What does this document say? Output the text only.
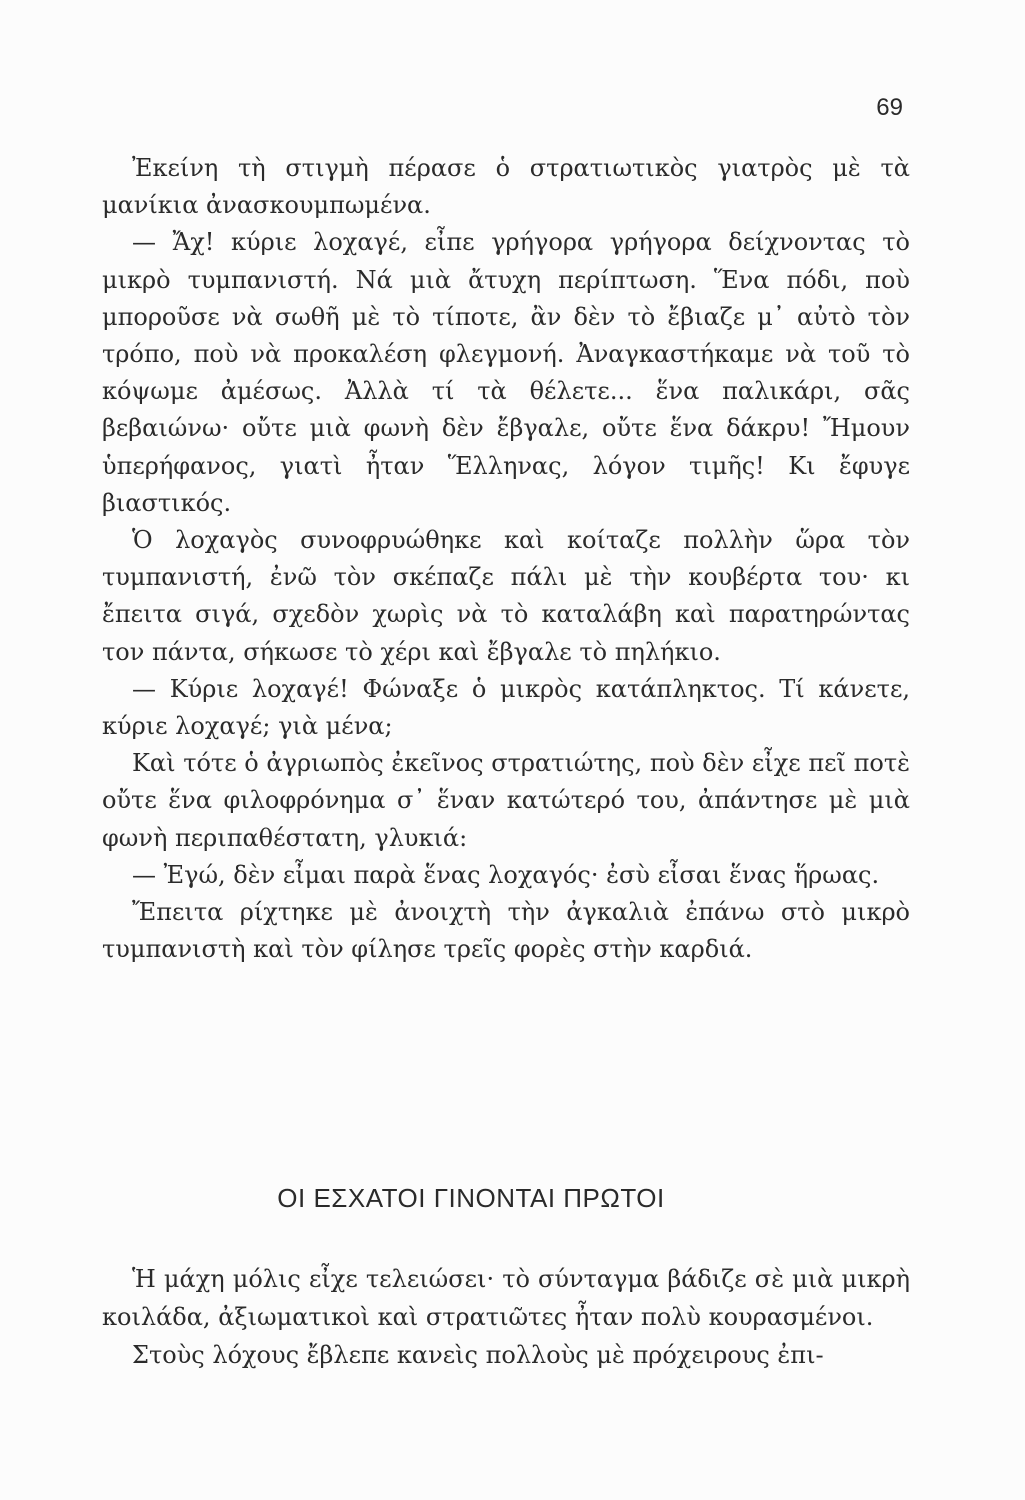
69

Ἐκείνη τὴ στιγμὴ πέρασε ὁ στρατιωτικὸς γιατρὸς μὲ τὰ μανίκια ἀνασκουμπωμένα.

— Ἄχ! κύριε λοχαγέ, εἶπε γρήγορα γρήγορα δείχνοντας τὸ μικρὸ τυμπανιστή. Νά μιὰ ἄτυχη περίπτωση. Ἕνα πόδι, ποὺ μποροῦσε νὰ σωθῆ μὲ τὸ τίποτε, ἂν δὲν τὸ ἔβιαζε μ᾿ αὐτὸ τὸν τρόπο, ποὺ νὰ προκαλέση φλεγμονή. Ἀναγκαστήκαμε νὰ τοῦ τὸ κόψωμε ἀμέσως. Ἀλλὰ τί τὰ θέλετε... ἕνα παλικάρι, σᾶς βεβαιώνω· οὔτε μιὰ φωνὴ δὲν ἔβγαλε, οὔτε ἕνα δάκρυ! Ἤμουν ὑπερήφανος, γιατὶ ἦταν Ἕλληνας, λόγον τιμῆς! Κι ἔφυγε βιαστικός.

Ὁ λοχαγὸς συνοφρυώθηκε καὶ κοίταζε πολλὴν ὥρα τὸν τυμπανιστή, ἐνῶ τὸν σκέπαζε πάλι μὲ τὴν κουβέρτα του· κι ἔπειτα σιγά, σχεδὸν χωρὶς νὰ τὸ καταλάβη καὶ παρατηρώντας τον πάντα, σήκωσε τὸ χέρι καὶ ἔβγαλε τὸ πηλήκιο.

— Κύριε λοχαγέ! Φώναξε ὁ μικρὸς κατάπληκτος. Τί κάνετε, κύριε λοχαγέ; γιὰ μένα;

Καὶ τότε ὁ ἀγριωπὸς ἐκεῖνος στρατιώτης, ποὺ δὲν εἶχε πεῖ ποτὲ οὔτε ἕνα φιλοφρόνημα σ᾿ ἕναν κατώτερό του, ἀπάντησε μὲ μιὰ φωνὴ περιπαθέστατη, γλυκιά:

— Ἐγώ, δὲν εἶμαι παρὰ ἕνας λοχαγός· ἐσὺ εἶσαι ἕνας ἥρωας.

Ἔπειτα ρίχτηκε μὲ ἀνοιχτὴ τὴν ἀγκαλιὰ ἐπάνω στὸ μικρὸ τυμπανιστὴ καὶ τὸν φίλησε τρεῖς φορὲς στὴν καρδιά.

ΟΙ ΕΣΧΑΤΟΙ ΓΙΝΟΝΤΑΙ ΠΡΩΤΟΙ

Ἡ μάχη μόλις εἶχε τελειώσει· τὸ σύνταγμα βάδιζε σὲ μιὰ μικρὴ κοιλάδα, ἀξιωματικοὶ καὶ στρατιῶτες ἦταν πολὺ κουρασμένοι.

Στοὺς λόχους ἔβλεπε κανεὶς πολλοὺς μὲ πρόχειρους ἐπι-
